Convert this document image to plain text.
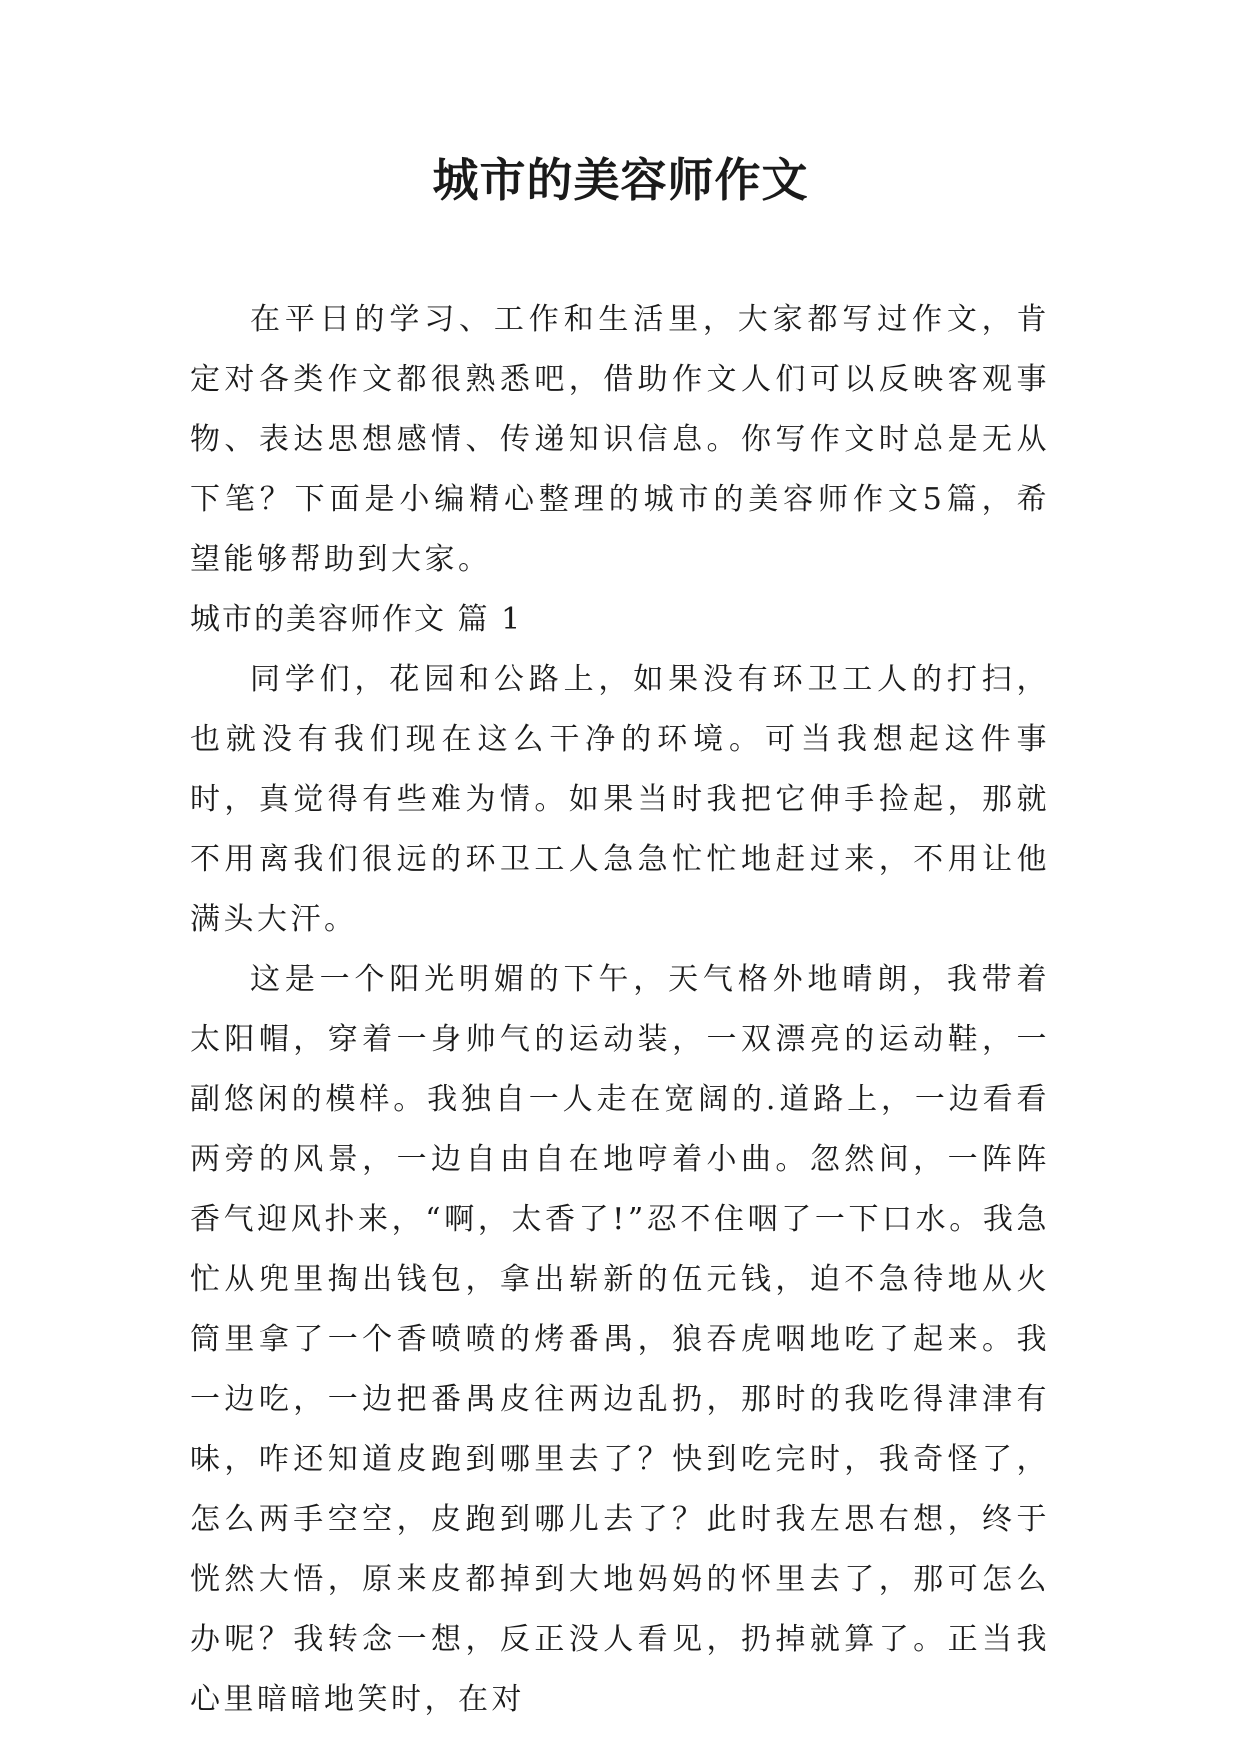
城市的美容师作文

在平日的学习、工作和生活里，大家都写过作文，肯定对各类作文都很熟悉吧，借助作文人们可以反映客观事物、表达思想感情、传递知识信息。你写作文时总是无从下笔？下面是小编精心整理的城市的美容师作文5篇，希望能够帮助到大家。

城市的美容师作文 篇 1

同学们，花园和公路上，如果没有环卫工人的打扫，也就没有我们现在这么干净的环境。可当我想起这件事时，真觉得有些难为情。如果当时我把它伸手捡起，那就不用离我们很远的环卫工人急急忙忙地赶过来，不用让他满头大汗。

这是一个阳光明媚的下午，天气格外地晴朗，我带着太阳帽，穿着一身帅气的运动装，一双漂亮的运动鞋，一副悠闲的模样。我独自一人走在宽阔的.道路上，一边看看两旁的风景，一边自由自在地哼着小曲。忽然间，一阵阵香气迎风扑来，“啊，太香了!”忍不住咽了一下口水。我急忙从兜里掏出钱包，拿出崭新的伍元钱，迫不急待地从火筒里拿了一个香喷喷的烤番禺，狼吞虎咽地吃了起来。我一边吃，一边把番禺皮往两边乱扔，那时的我吃得津津有味，咋还知道皮跑到哪里去了？快到吃完时，我奇怪了，怎么两手空空，皮跑到哪儿去了？此时我左思右想，终于恍然大悟，原来皮都掉到大地妈妈的怀里去了，那可怎么办呢？我转念一想，反正没人看见，扔掉就算了。正当我心里暗暗地笑时，在对
